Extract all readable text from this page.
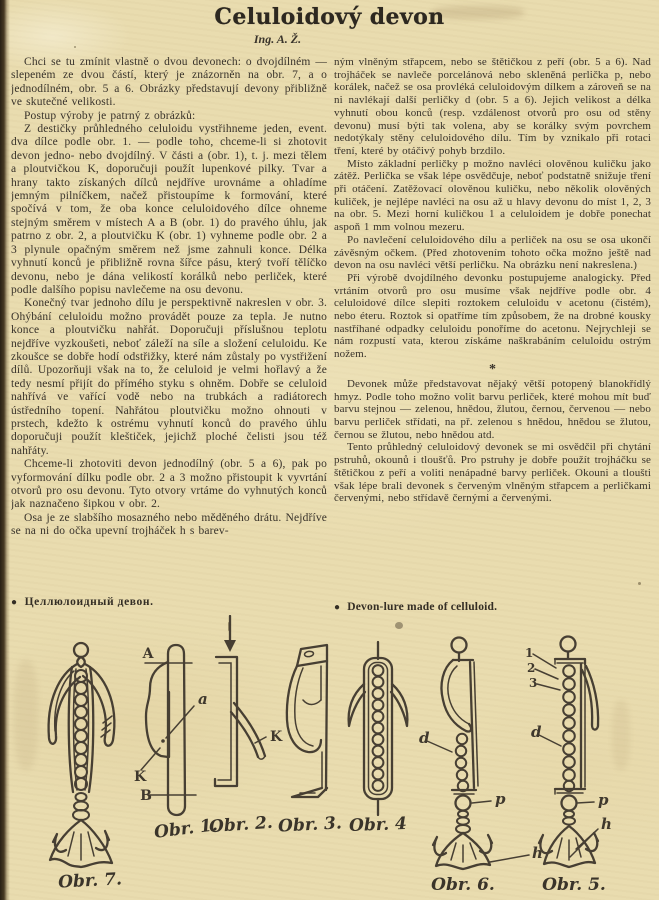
Celuloidový devon
Ing. A. Ž.

Chci se tu zmínit vlastně o dvou devonech: o dvojdílném — slepeném ze dvou částí, který je znázorněn na obr. 7, a o jednodílném, obr. 5 a 6. Obrázky představují devony přibližně ve skutečné velikosti.

Postup výroby je patrný z obrázků:

Z destičky průhledného celuloidu vystřihneme jeden, event. dva dílce podle obr. 1. — podle toho, chceme-li si zhotovit devon jedno- nebo dvojdílný. V části a (obr. 1), t. j. mezi tělem a ploutvičkou K, doporučuji použít lupenkové pilky. Tvar a hrany takto získaných dílců nejdříve urovnáme a ohladíme jemným pilníčkem, načež přistoupíme k formování, které spočívá v tom, že oba konce celuloidového dílce ohneme stejným směrem v místech A a B (obr. 1) do pravého úhlu, jak patrno z obr. 2, a ploutvičku K (obr. 1) vyhneme podle obr. 2 a 3 plynule opačným směrem než jsme zahnuli konce. Délka vyhnutí konců je přibližně rovna šířce pásu, který tvoří tělíčko devonu, nebo je dána velikostí korálků nebo perliček, které podle dalšího popisu navlečeme na osu devonu.

Konečný tvar jednoho dílu je perspektivně nakreslen v obr. 3. Ohýbání celuloidu možno provádět pouze za tepla. Je nutno konce a ploutvičku nahřát. Doporučuji příslušnou teplotu nejdříve vyzkoušeti, neboť záleží na síle a složení celuloidu. Ke zkoušce se dobře hodí odstřižky, které nám zůstaly po vystřižení dílů. Upozorňuji však na to, že celuloid je velmi hořlavý a že tedy nesmí přijít do přímého styku s ohněm. Dobře se celuloid nahřívá ve vařící vodě nebo na trubkách a radiátorech ústředního topení. Nahřátou ploutvičku možno ohnouti v prstech, kdežto k ostrému vyhnutí konců do pravého úhlu doporučuji použít kleštiček, jejichž ploché čelisti jsou též nahřáty.

Chceme-li zhotoviti devon jednodílný (obr. 5 a 6), pak po vyformování dílku podle obr. 2 a 3 možno přistoupit k vyvrtání otvorů pro osu devonu. Tyto otvory vrtáme do vyhnutých konců jak naznačeno šipkou v obr. 2.

Osa je ze slabšího mosazného nebo měděného drátu. Nejdříve se na ni do očka upevní trojháček h s barev-

ným vlněným střapcem, nebo se štětičkou z peří (obr. 5 a 6). Nad trojháček se navleče porcelánová nebo skleněná perlička p, nebo korálek, načež se osa provléká celuloidovým dílkem a zároveň se na ni navlékají další perličky d (obr. 5 a 6). Jejich velikost a délka vyhnutí obou konců (resp. vzdálenost otvorů pro osu od stěny devonu) musí býti tak volena, aby se korálky svým povrchem nedotýkaly stěny celuloidového dílu. Tím by vznikalo při rotaci tření, které by otáčivý pohyb brzdilo.

Místo základní perličky p možno navléci olověnou kuličku jako zátěž. Perlička se však lépe osvědčuje, neboť podstatně snižuje tření při otáčení. Zatěžovací olověnou kuličku, nebo několik olověných kuliček, je nejlépe navléci na osu až u hlavy devonu do míst 1, 2, 3 na obr. 5. Mezi horní kuličkou 1 a celuloidem je dobře ponechat aspoň 1 mm volnou mezeru.

Po navlečení celuloidového dílu a perliček na osu se osa ukončí závěsným očkem. (Před zhotovením tohoto očka možno ještě nad devon na osu navléci větší perličku. Na obrázku není nakreslena.)

Při výrobě dvojdílného devonku postupujeme analogicky. Před vrtáním otvorů pro osu musíme však nejdříve podle obr. 4 celuloidové dílce slepiti roztokem celuloidu v acetonu (čistém), nebo éteru. Roztok si opatříme tím způsobem, že na drobné kousky nastříhané odpadky celuloidu ponoříme do acetonu. Nejrychleji se nám rozpustí vata, kterou získáme naškrabáním celuloidu ostrým nožem.

*

Devonek může představovat nějaký větší potopený blanokřídlý hmyz. Podle toho možno volit barvu perliček, které mohou mít buď barvu stejnou — zelenou, hnědou, žlutou, černou, červenou — nebo barvu perliček střídati, na př. zelenou s hnědou, hnědou se žlutou, černou se žlutou, nebo hnědou atd.

Tento průhledný celuloidový devonek se mi osvědčil při chytání pstruhů, okounů i tloušťů. Pro pstruhy je dobře použít trojháčku se štětičkou z peří a voliti nenápadné barvy perliček. Okouni a tloušti však lépe brali devonek s červeným vlněným střapcem a perličkami červenými, nebo střídavě černými a červenými.

● Целлюлоидный девон.	● Devon-lure made of celluloid.
Obr. 7.
A
a
K
B
Obr. 1.
K
Obr. 2. Obr. 3. Obr. 4
d
p
h
Obr. 6.
1
2
3
d
p
h
Obr. 5.
